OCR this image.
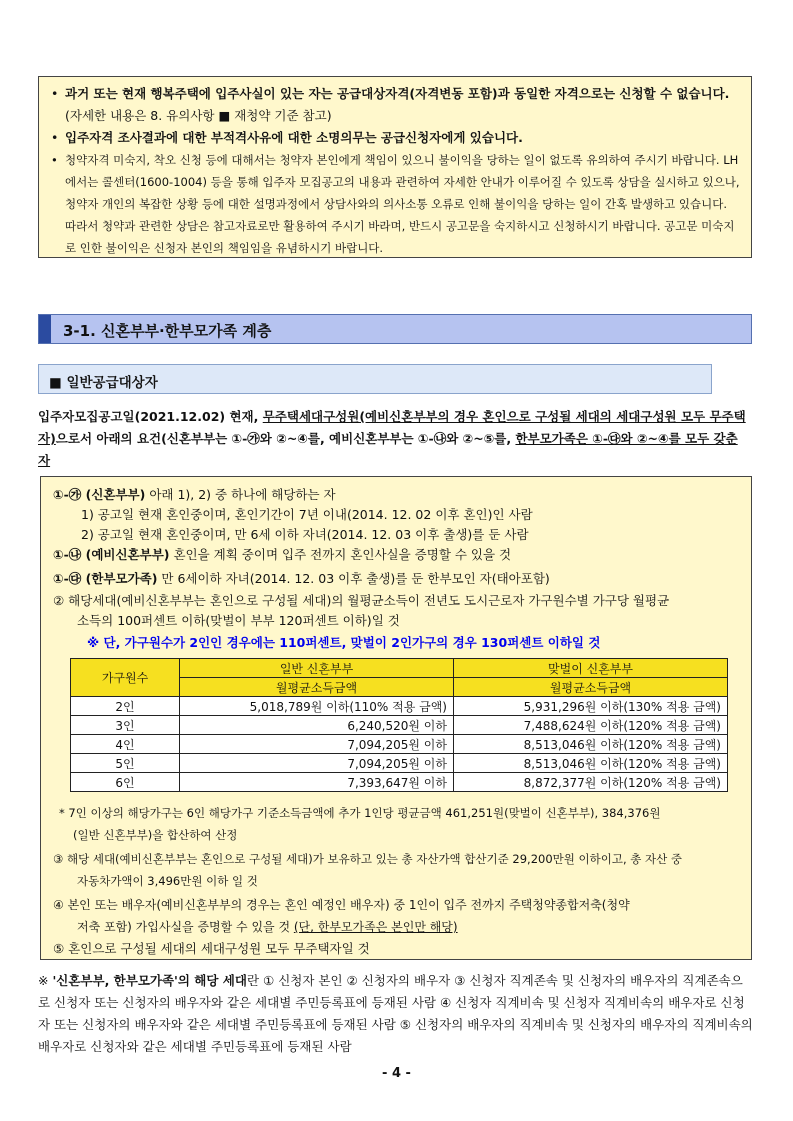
• 과거 또는 현재 행복주택에 입주사실이 있는 자는 공급대상자격(자격변동 포함)과 동일한 자격으로는 신청할 수 없습니다.(자세한 내용은 8. 유의사항 ■ 재청약 기준 참고)
• 입주자격 조사결과에 대한 부적격사유에 대한 소명의무는 공급신청자에게 있습니다.
• 청약자격 미숙지, 착오 신청 등에 대해서는 청약자 본인에게 책임이 있으니 불이익을 당하는 일이 없도록 유의하여 주시기 바랍니다. LH에서는 콜센터(1600-1004) 등을 통해 입주자 모집공고의 내용과 관련하여 자세한 안내가 이루어질 수 있도록 상담을 실시하고 있으나, 청약자 개인의 복잡한 상황 등에 대한 설명과정에서 상담사와의 의사소통 오류로 인해 불이익을 당하는 일이 간혹 발생하고 있습니다. 따라서 청약과 관련한 상담은 참고자료로만 활용하여 주시기 바라며, 반드시 공고문을 숙지하시고 신청하시기 바랍니다. 공고문 미숙지로 인한 불이익은 신청자 본인의 책임임을 유념하시기 바랍니다.
3-1. 신혼부부·한부모가족 계층
■ 일반공급대상자
입주자모집공고일(2021.12.02) 현재, 무주택세대구성원(예비신혼부부의 경우 혼인으로 구성될 세대의 세대구성원 모두 무주택자)으로서 아래의 요건(신혼부부는 ①-㉮와 ②~④를, 예비신혼부부는 ①-㉯와 ②~⑤를, 한부모가족은 ①-㉰와 ②~④를 모두 갖춘 자
①-㉮ (신혼부부) 아래 1), 2) 중 하나에 해당하는 자
1) 공고일 현재 혼인중이며, 혼인기간이 7년 이내(2014. 12. 02 이후 혼인)인 사람
2) 공고일 현재 혼인중이며, 만 6세 이하 자녀(2014. 12. 03 이후 출생)를 둔 사람
①-㉯ (예비신혼부부) 혼인을 계획 중이며 입주 전까지 혼인사실을 증명할 수 있을 것
①-㉰ (한부모가족) 만 6세이하 자녀(2014. 12. 03 이후 출생)를 둔 한부모인 자(태아포함)
② 해당세대(예비신혼부부는 혼인으로 구성될 세대)의 월평균소득이 전년도 도시근로자 가구원수별 가구당 월평균
소득의 100퍼센트 이하(맞벌이 부부 120퍼센트 이하)일 것
※ 단, 가구원수가 2인인 경우에는 110퍼센트, 맞벌이 2인가구의 경우 130퍼센트 이하일 것
* 7인 이상의 해당가구는 6인 해당가구 기준소득금액에 추가 1인당 평균금액 461,251원(맞벌이 신혼부부), 384,376원
(일반 신혼부부)을 합산하여 산정
③ 해당 세대(예비신혼부부는 혼인으로 구성될 세대)가 보유하고 있는 총 자산가액 합산기준 29,200만원 이하이고, 총 자산 중
자동차가액이 3,496만원 이하 일 것
④ 본인 또는 배우자(예비신혼부부의 경우는 혼인 예정인 배우자) 중 1인이 입주 전까지 주택청약종합저축(청약
저축 포함) 가입사실을 증명할 수 있을 것 (단, 한부모가족은 본인만 해당)
⑤ 혼인으로 구성될 세대의 세대구성원 모두 무주택자일 것
가구원수	일반 신혼부부	맞벌이 신혼부부
	월평균소득금액	월평균소득금액
2인	5,018,789원 이하(110% 적용 금액)	5,931,296원 이하(130% 적용 금액)
3인	6,240,520원 이하	7,488,624원 이하(120% 적용 금액)
4인	7,094,205원 이하	8,513,046원 이하(120% 적용 금액)
5인	7,094,205원 이하	8,513,046원 이하(120% 적용 금액)
6인	7,393,647원 이하	8,872,377원 이하(120% 적용 금액)
※ '신혼부부, 한부모가족'의 해당 세대란 ① 신청자 본인 ② 신청자의 배우자 ③ 신청자 직계존속 및 신청자의 배우자의 직계존속으로 신청자 또는 신청자의 배우자와 같은 세대별 주민등록표에 등재된 사람 ④ 신청자 직계비속 및 신청자 직계비속의 배우자로 신청자 또는 신청자의 배우자와 같은 세대별 주민등록표에 등재된 사람 ⑤ 신청자의 배우자의 직계비속 및 신청자의 배우자의 직계비속의 배우자로 신청자와 같은 세대별 주민등록표에 등재된 사람
- 4 -
